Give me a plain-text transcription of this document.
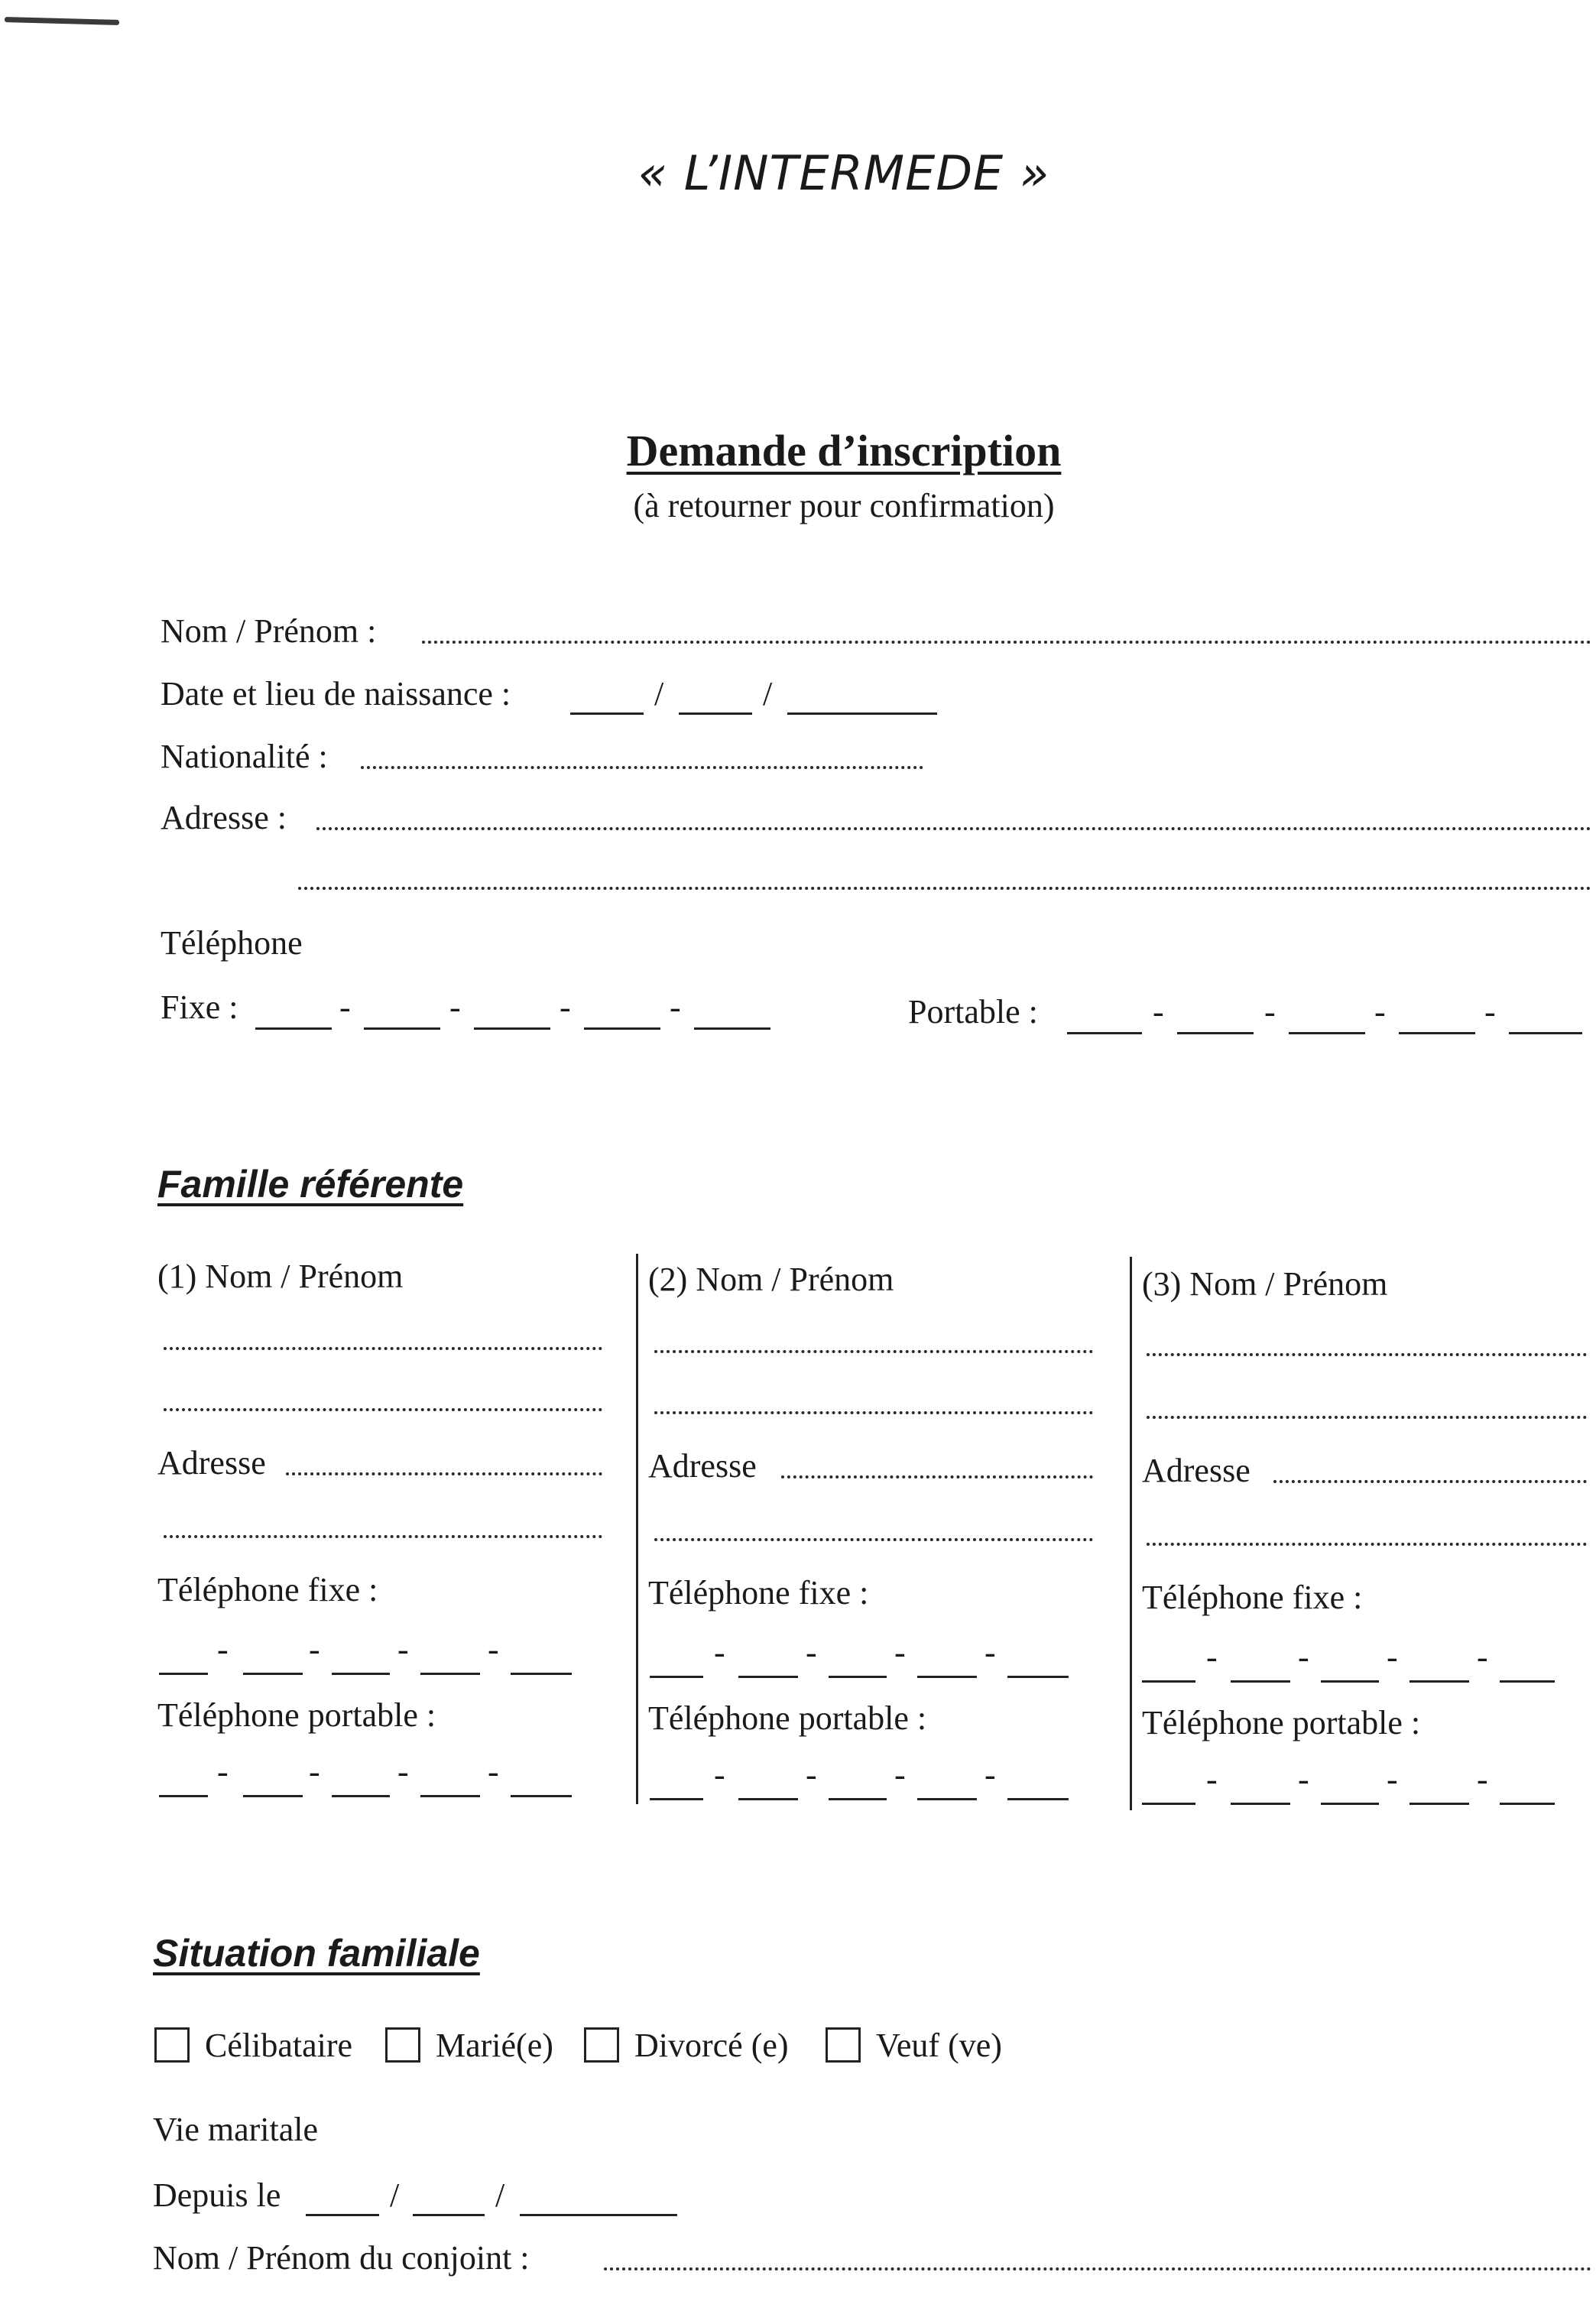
« L’INTERMEDE »
Demande d’inscription
(à retourner pour confirmation)
Nom / Prénom :
Date et lieu de naissance :	/	/
Nationalité :
Adresse :
Téléphone
Fixe :	-	-	-	-	Portable :	-	-	-	-
Famille référente
(1) Nom / Prénom
Adresse
Téléphone fixe :
- - - -
Téléphone portable :
- - - -
(2) Nom / Prénom
Adresse
Téléphone fixe :
- - - -
Téléphone portable :
- - - -
(3) Nom / Prénom
Adresse
Téléphone fixe :
- - - -
Téléphone portable :
- - - -
Situation familiale
Célibataire Marié(e) Divorcé (e)	Veuf (ve)
Vie maritale
Depuis le	/	/
Nom / Prénom du conjoint :
